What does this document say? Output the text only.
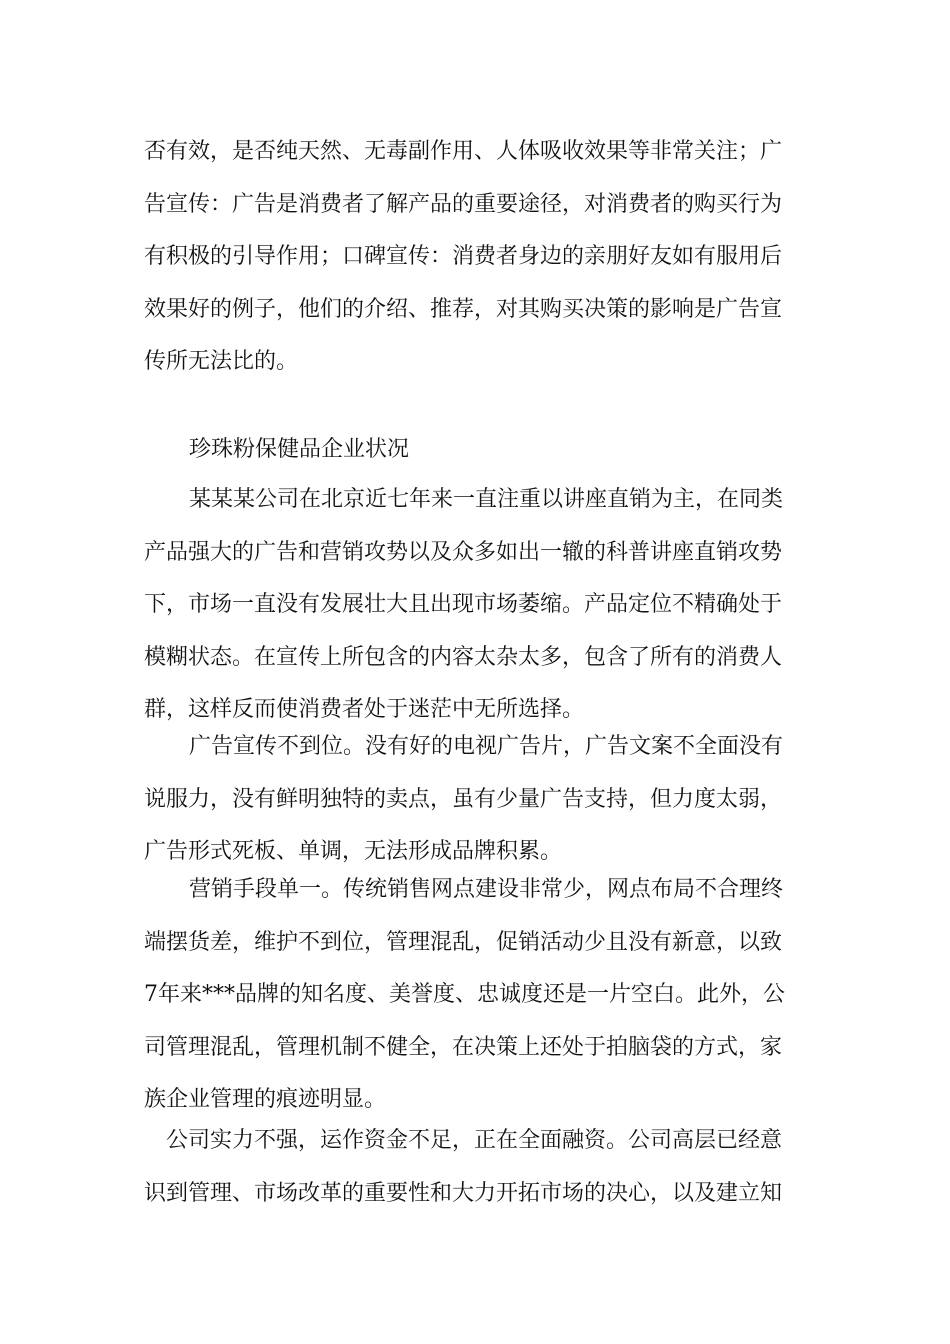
否有效，是否纯天然、无毒副作用、人体吸收效果等非常关注；广
告宣传：广告是消费者了解产品的重要途径，对消费者的购买行为
有积极的引导作用；口碑宣传：消费者身边的亲朋好友如有服用后
效果好的例子，他们的介绍、推荐，对其购买决策的影响是广告宣
传所无法比的。
珍珠粉保健品企业状况
某某某公司在北京近七年来一直注重以讲座直销为主，在同类
产品强大的广告和营销攻势以及众多如出一辙的科普讲座直销攻势
下，市场一直没有发展壮大且出现市场萎缩。产品定位不精确处于
模糊状态。在宣传上所包含的内容太杂太多，包含了所有的消费人
群，这样反而使消费者处于迷茫中无所选择。
广告宣传不到位。没有好的电视广告片，广告文案不全面没有
说服力，没有鲜明独特的卖点，虽有少量广告支持，但力度太弱，
广告形式死板、单调，无法形成品牌积累。
营销手段单一。传统销售网点建设非常少，网点布局不合理终
端摆货差，维护不到位，管理混乱，促销活动少且没有新意，以致
7年来***品牌的知名度、美誉度、忠诚度还是一片空白。此外，公
司管理混乱，管理机制不健全，在决策上还处于拍脑袋的方式，家
族企业管理的痕迹明显。
公司实力不强，运作资金不足，正在全面融资。公司高层已经意
识到管理、市场改革的重要性和大力开拓市场的决心，以及建立知
